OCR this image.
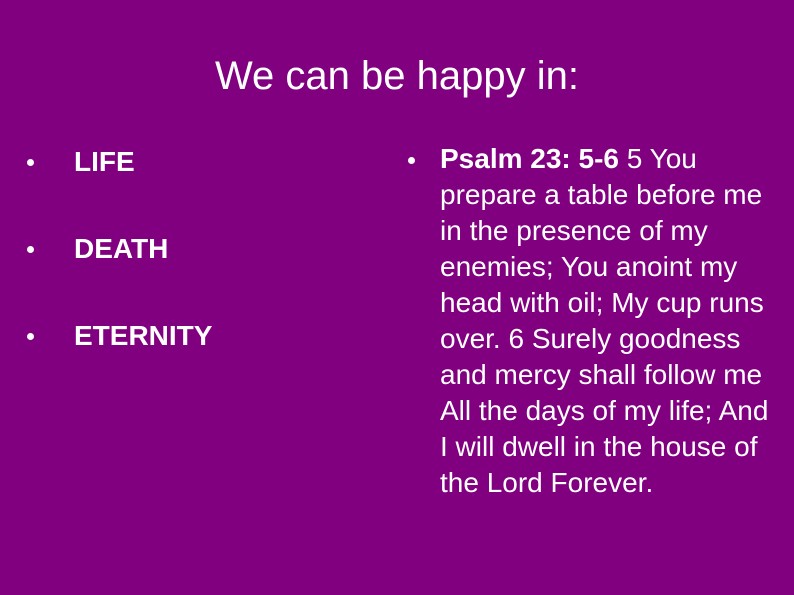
We can be happy in:
LIFE
DEATH
ETERNITY

Psalm 23: 5-6 5 You prepare a table before me in the presence of my enemies; You anoint my head with oil; My cup runs over. 6 Surely goodness and mercy shall follow me All the days of my life; And I will dwell in the house of the Lord Forever.
